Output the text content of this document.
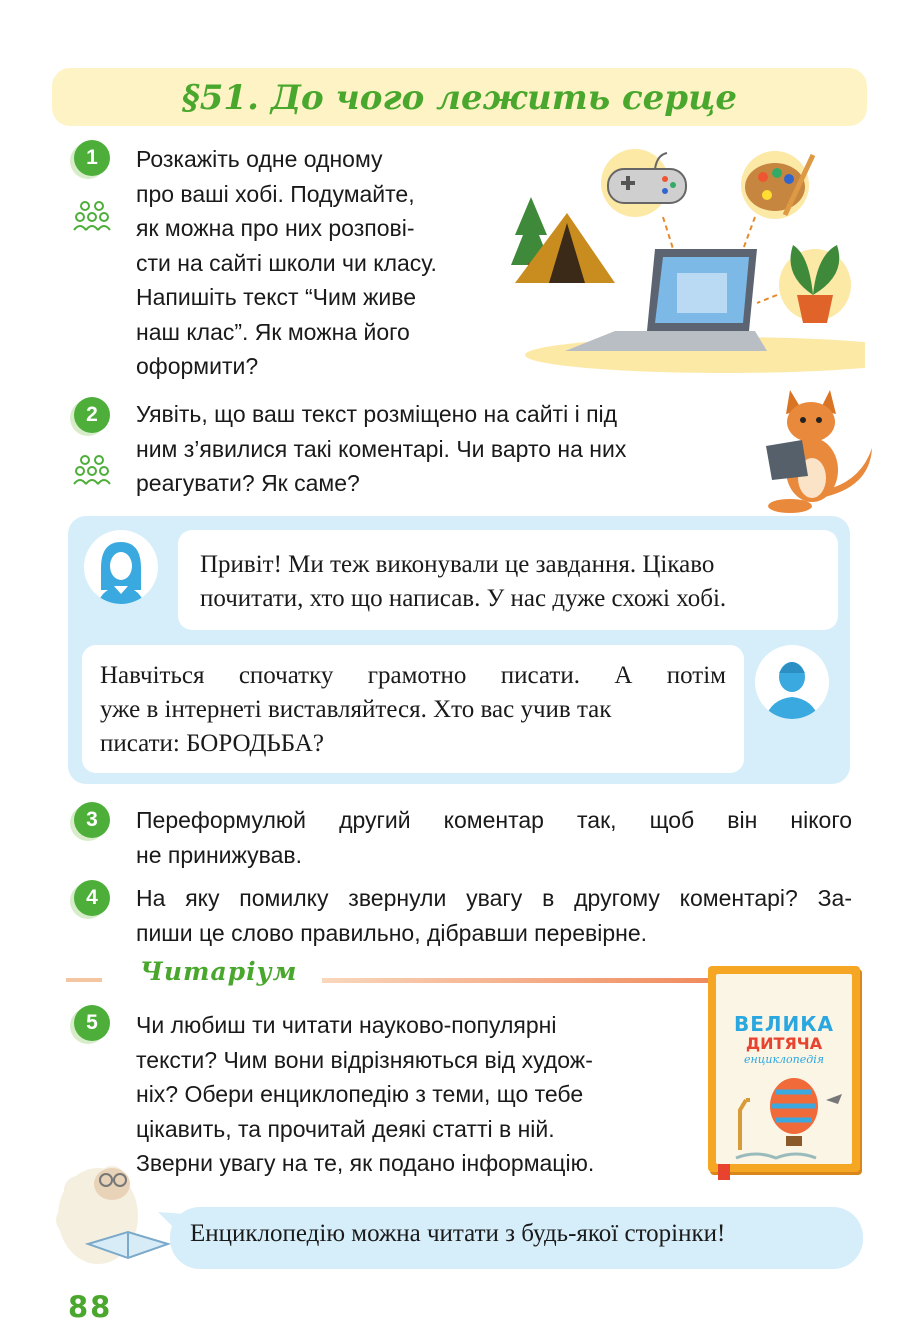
§51. До чого лежить серце
1	Розкажіть одне одному
про ваші хобі. Подумайте,
як можна про них розпові-
сти на сайті школи чи класу.
Напишіть текст “Чим живе
наш клас”. Як можна його
оформити?
2	Уявіть, що ваш текст розміщено на сайті і під
ним з’явилися такі коментарі. Чи варто на них
реагувати? Як саме?
Привіт! Ми теж виконували це завдання. Цікаво
почитати, хто що написав. У нас дуже схожі хобі.
Навчіться спочатку грамотно писати. А потім
уже в інтернеті виставляйтеся. Хто вас учив так
писати: БОРОДЬБА?
3	Переформулюй другий коментар так, щоб він нікого
не принижував.
4	На яку помилку звернули увагу в другому коментарі? За-
пиши це слово правильно, дібравши перевірне.
Читаріум
5	Чи любиш ти читати науково-популярні
тексти? Чим вони відрізняються від худож-
ніх? Обери енциклопедію з теми, що тебе
цікавить, та прочитай деякі статті в ній.
Зверни увагу на те, як подано інформацію.
ВЕЛИКА
ДИТЯЧА
енциклопедія
Енциклопедію можна читати з будь-якої сторінки!
88
